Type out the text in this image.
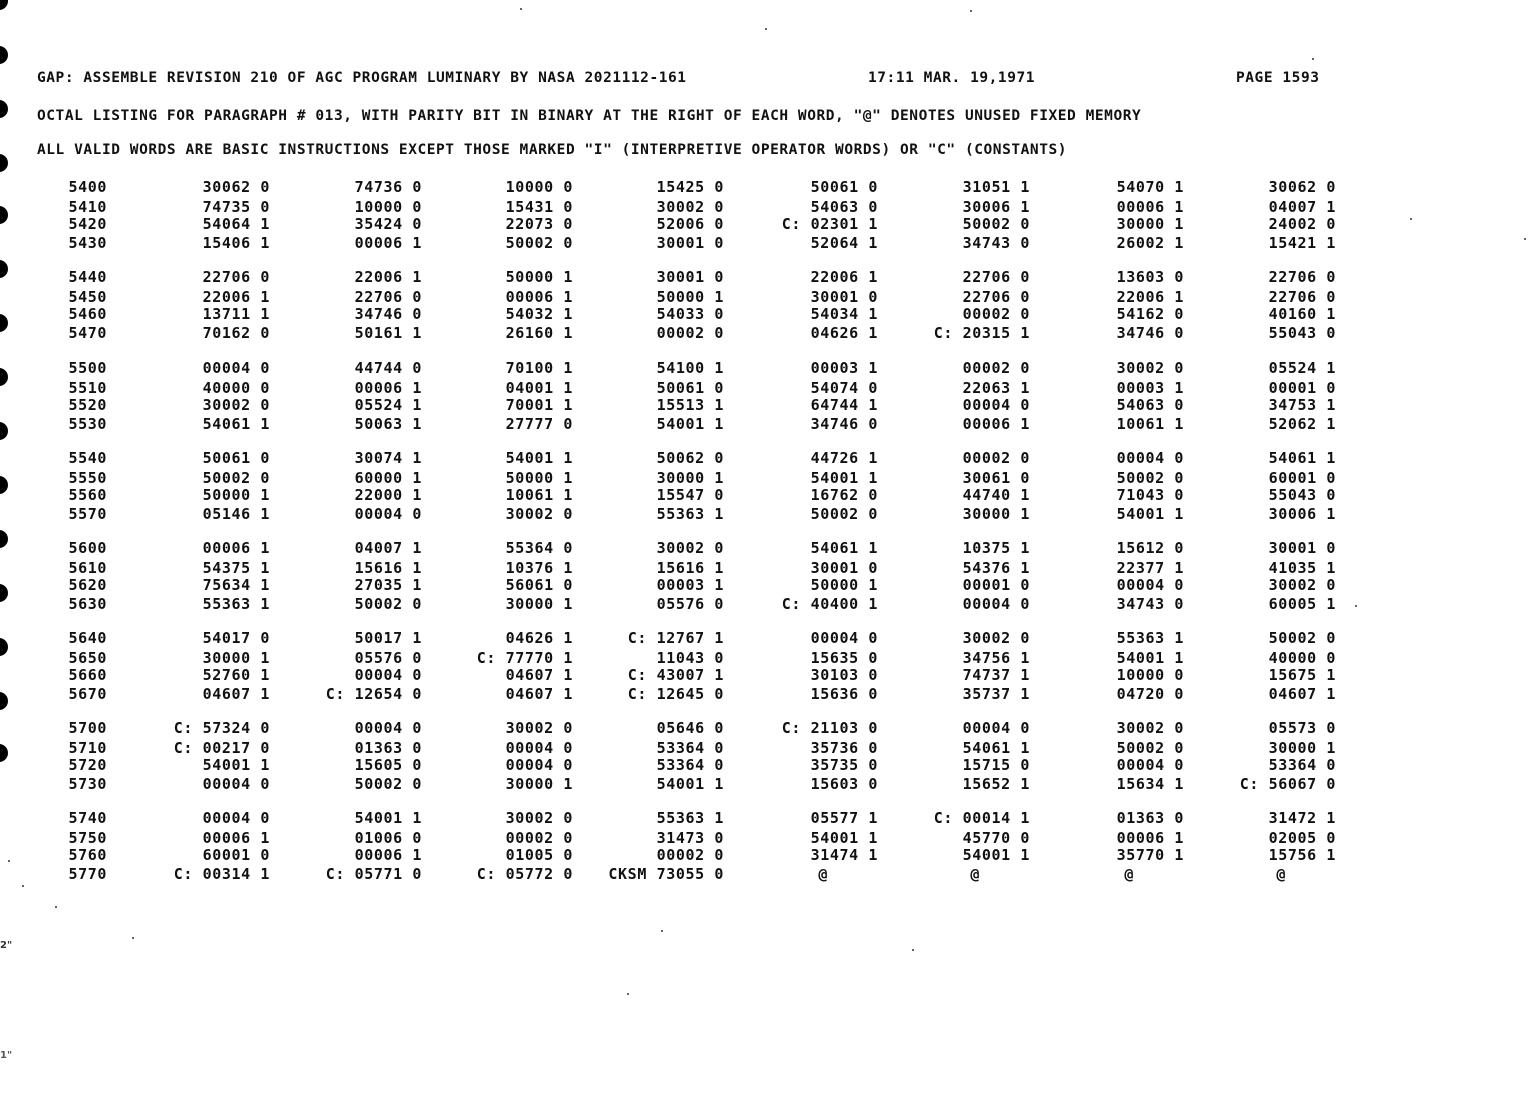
GAP: ASSEMBLE REVISION 210 OF AGC PROGRAM LUMINARY BY NASA 2021112-161	17:11 MAR. 19,1971	PAGE 1593
OCTAL LISTING FOR PARAGRAPH # 013, WITH PARITY BIT IN BINARY AT THE RIGHT OF EACH WORD, "@" DENOTES UNUSED FIXED MEMORY
ALL VALID WORDS ARE BASIC INSTRUCTIONS EXCEPT THOSE MARKED "I" (INTERPRETIVE OPERATOR WORDS) OR "C" (CONSTANTS)
5400	30062 0	74736 0	10000 0	15425 0	50061 0	31051 1	54070 1	30062 0
5410	74735 0	10000 0	15431 0	30002 0	54063 0	30006 1	00006 1	04007 1
5420	54064 1	35424 0	22073 0	52006 0	C: 02301 1	50002 0	30000 1	24002 0
5430	15406 1	00006 1	50002 0	30001 0	52064 1	34743 0	26002 1	15421 1
5440	22706 0	22006 1	50000 1	30001 0	22006 1	22706 0	13603 0	22706 0
5450	22006 1	22706 0	00006 1	50000 1	30001 0	22706 0	22006 1	22706 0
5460	13711 1	34746 0	54032 1	54033 0	54034 1	00002 0	54162 0	40160 1
5470	70162 0	50161 1	26160 1	00002 0	04626 1	C: 20315 1	34746 0	55043 0
5500	00004 0	44744 0	70100 1	54100 1	00003 1	00002 0	30002 0	05524 1
5510	40000 0	00006 1	04001 1	50061 0	54074 0	22063 1	00003 1	00001 0
5520	30002 0	05524 1	70001 1	15513 1	64744 1	00004 0	54063 0	34753 1
5530	54061 1	50063 1	27777 0	54001 1	34746 0	00006 1	10061 1	52062 1
5540	50061 0	30074 1	54001 1	50062 0	44726 1	00002 0	00004 0	54061 1
5550	50002 0	60000 1	50000 1	30000 1	54001 1	30061 0	50002 0	60001 0
5560	50000 1	22000 1	10061 1	15547 0	16762 0	44740 1	71043 0	55043 0
5570	05146 1	00004 0	30002 0	55363 1	50002 0	30000 1	54001 1	30006 1
5600	00006 1	04007 1	55364 0	30002 0	54061 1	10375 1	15612 0	30001 0
5610	54375 1	15616 1	10376 1	15616 1	30001 0	54376 1	22377 1	41035 1
5620	75634 1	27035 1	56061 0	00003 1	50000 1	00001 0	00004 0	30002 0
5630	55363 1	50002 0	30000 1	05576 0	C: 40400 1	00004 0	34743 0	60005 1
5640	54017 0	50017 1	04626 1	C: 12767 1	00004 0	30002 0	55363 1	50002 0
5650	30000 1	05576 0	C: 77770 1	11043 0	15635 0	34756 1	54001 1	40000 0
5660	52760 1	00004 0	04607 1	C: 43007 1	30103 0	74737 1	10000 0	15675 1
5670	04607 1	C: 12654 0	04607 1	C: 12645 0	15636 0	35737 1	04720 0	04607 1
5700	C: 57324 0	00004 0	30002 0	05646 0	C: 21103 0	00004 0	30002 0	05573 0
5710	C: 00217 0	01363 0	00004 0	53364 0	35736 0	54061 1	50002 0	30000 1
5720	54001 1	15605 0	00004 0	53364 0	35735 0	15715 0	00004 0	53364 0
5730	00004 0	50002 0	30000 1	54001 1	15603 0	15652 1	15634 1	C: 56067 0
5740	00004 0	54001 1	30002 0	55363 1	05577 1	C: 00014 1	01363 0	31472 1
5750	00006 1	01006 0	00002 0	31473 0	54001 1	45770 0	00006 1	02005 0
5760	60001 0	00006 1	01005 0	00002 0	31474 1	54001 1	35770 1	15756 1
5770	C: 00314 1	C: 05771 0	C: 05772 0	CKSM 73055 0	@	@	@	@
2"
1"
